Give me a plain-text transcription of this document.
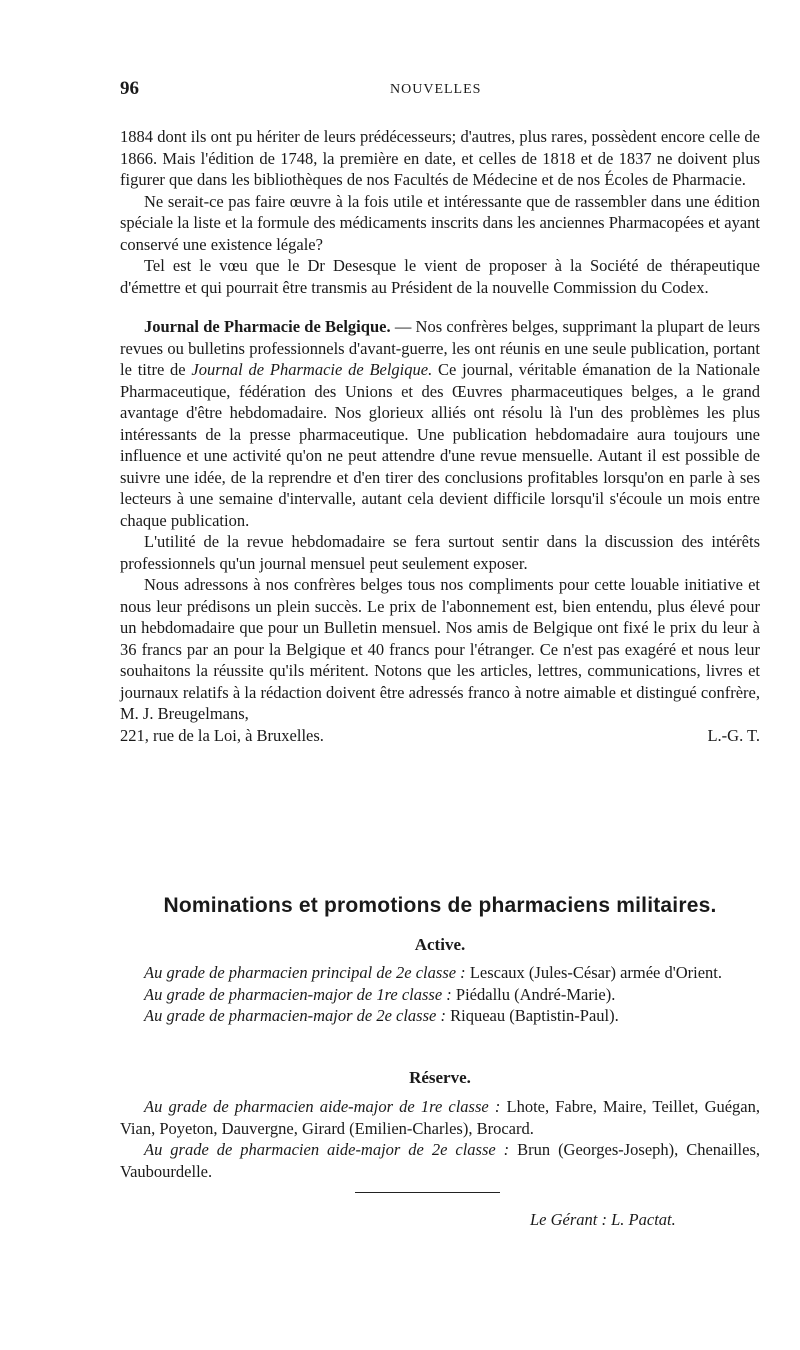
96	NOUVELLES

1884 dont ils ont pu hériter de leurs prédécesseurs; d'autres, plus rares, possèdent encore celle de 1866. Mais l'édition de 1748, la première en date, et celles de 1818 et de 1837 ne doivent plus figurer que dans les bibliothèques de nos Facultés de Médecine et de nos Écoles de Pharmacie.

Ne serait-ce pas faire œuvre à la fois utile et intéressante que de rassembler dans une édition spéciale la liste et la formule des médicaments inscrits dans les anciennes Pharmacopées et ayant conservé une existence légale?

Tel est le vœu que le Dr Desesque le vient de proposer à la Société de thérapeutique d'émettre et qui pourrait être transmis au Président de la nouvelle Commission du Codex.

Journal de Pharmacie de Belgique. — Nos confrères belges, supprimant la plupart de leurs revues ou bulletins professionnels d'avant-guerre, les ont réunis en une seule publication, portant le titre de Journal de Pharmacie de Belgique. Ce journal, véritable émanation de la Nationale Pharmaceutique, fédération des Unions et des Œuvres pharmaceutiques belges, a le grand avantage d'être hebdomadaire. Nos glorieux alliés ont résolu là l'un des problèmes les plus intéressants de la presse pharmaceutique. Une publication hebdomadaire aura toujours une influence et une activité qu'on ne peut attendre d'une revue mensuelle. Autant il est possible de suivre une idée, de la reprendre et d'en tirer des conclusions profitables lorsqu'on en parle à ses lecteurs à une semaine d'intervalle, autant cela devient difficile lorsqu'il s'écoule un mois entre chaque publication.

L'utilité de la revue hebdomadaire se fera surtout sentir dans la discussion des intérêts professionnels qu'un journal mensuel peut seulement exposer.

Nous adressons à nos confrères belges tous nos compliments pour cette louable initiative et nous leur prédisons un plein succès. Le prix de l'abonnement est, bien entendu, plus élevé pour un hebdomadaire que pour un Bulletin mensuel. Nos amis de Belgique ont fixé le prix du leur à 36 francs par an pour la Belgique et 40 francs pour l'étranger. Ce n'est pas exagéré et nous leur souhaitons la réussite qu'ils méritent. Notons que les articles, lettres, communications, livres et journaux relatifs à la rédaction doivent être adressés franco à notre aimable et distingué confrère, M. J. Breugelmans,

221, rue de la Loi, à Bruxelles.	L.-G. T.
Nominations et promotions de pharmaciens militaires.
Active.

Au grade de pharmacien principal de 2e classe : Lescaux (Jules-César) armée d'Orient.

Au grade de pharmacien-major de 1re classe : Piédallu (André-Marie).

Au grade de pharmacien-major de 2e classe : Riqueau (Baptistin-Paul).

Réserve.

Au grade de pharmacien aide-major de 1re classe : Lhote, Fabre, Maire, Teillet, Guégan, Vian, Poyeton, Dauvergne, Girard (Emilien-Charles), Brocard.

Au grade de pharmacien aide-major de 2e classe : Brun (Georges-Joseph), Chenailles, Vaubourdelle.

Le Gérant : L. Pactat.
